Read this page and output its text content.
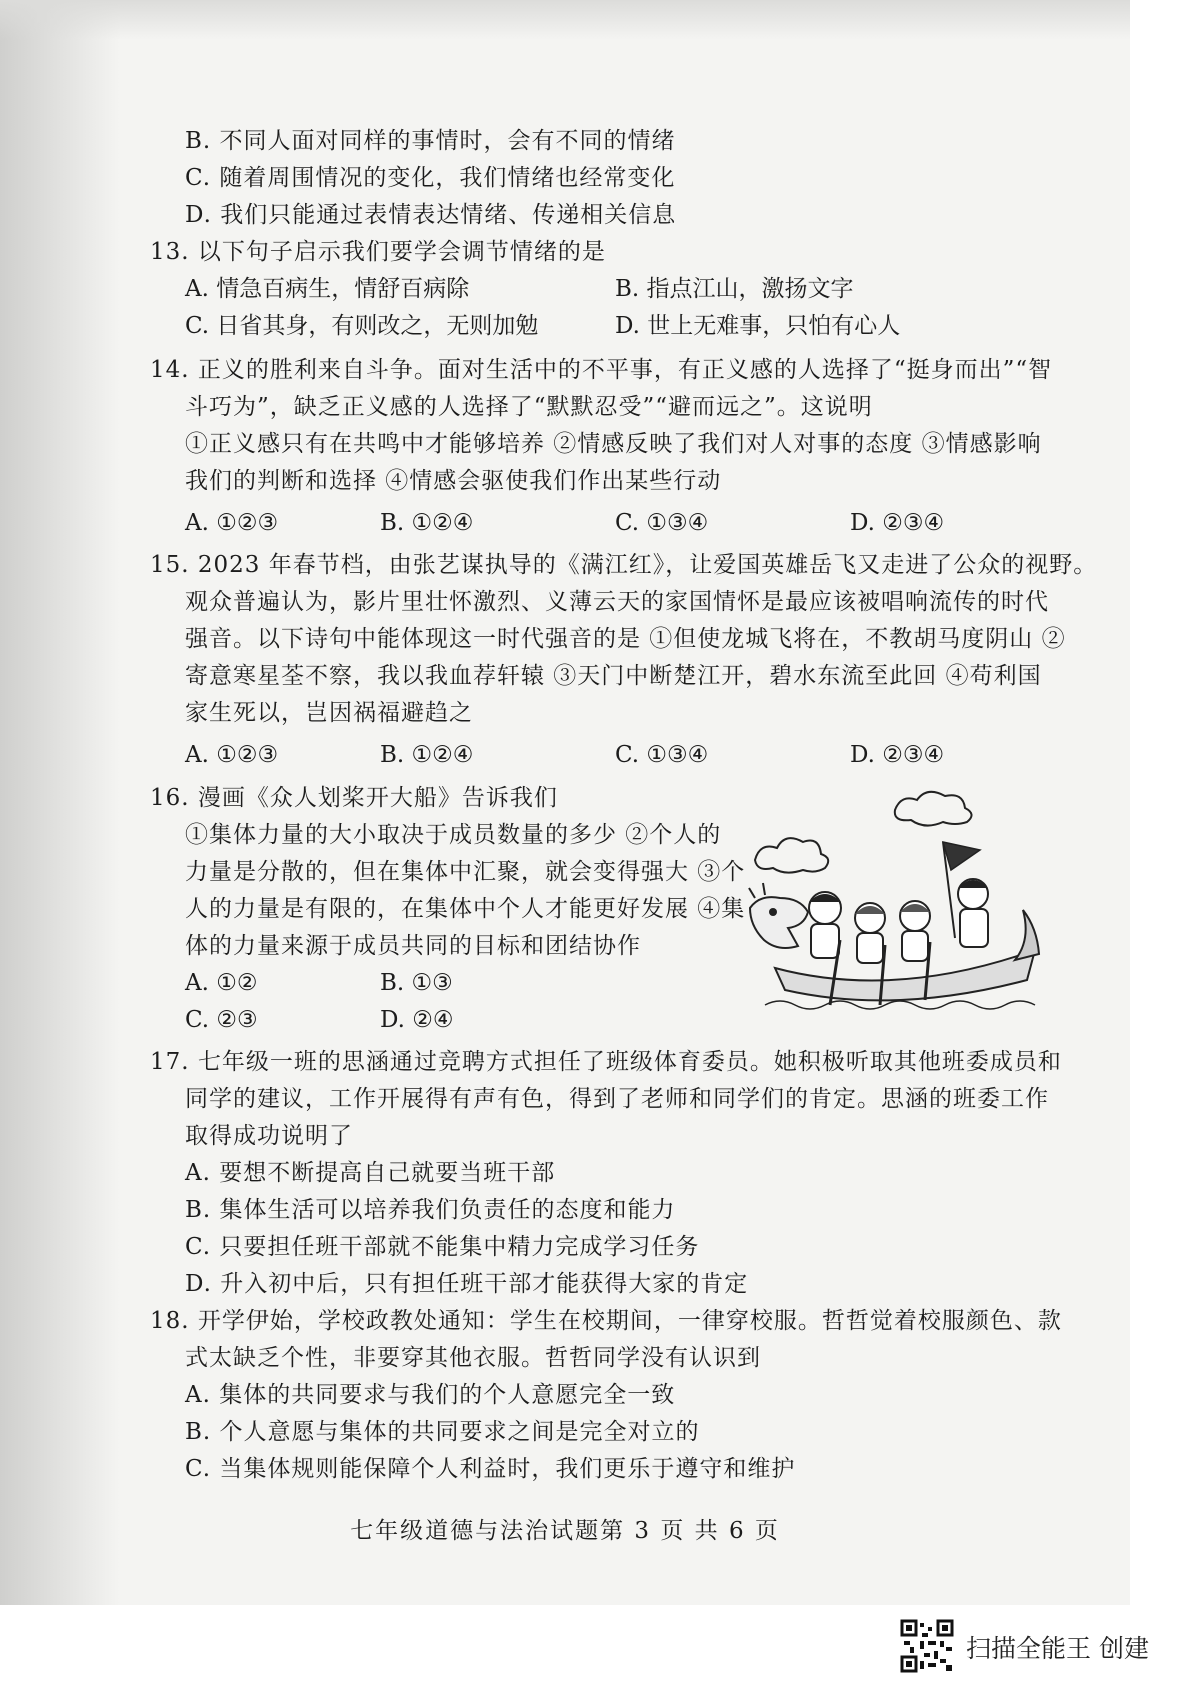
B. 不同人面对同样的事情时，会有不同的情绪
C. 随着周围情况的变化，我们情绪也经常变化
D. 我们只能通过表情表达情绪、传递相关信息
13. 以下句子启示我们要学会调节情绪的是
A. 情急百病生，情舒百病除	B. 指点江山，激扬文字
C. 日省其身，有则改之，无则加勉	D. 世上无难事，只怕有心人
14. 正义的胜利来自斗争。面对生活中的不平事，有正义感的人选择了“挺身而出”“智
斗巧为”，缺乏正义感的人选择了“默默忍受”“避而远之”。这说明
①正义感只有在共鸣中才能够培养 ②情感反映了我们对人对事的态度 ③情感影响
我们的判断和选择 ④情感会驱使我们作出某些行动
A. ①②③	B. ①②④	C. ①③④	D. ②③④
15. 2023 年春节档，由张艺谋执导的《满江红》，让爱国英雄岳飞又走进了公众的视野。
观众普遍认为，影片里壮怀激烈、义薄云天的家国情怀是最应该被唱响流传的时代
强音。以下诗句中能体现这一时代强音的是 ①但使龙城飞将在，不教胡马度阴山 ②
寄意寒星荃不察，我以我血荐轩辕 ③天门中断楚江开，碧水东流至此回 ④苟利国
家生死以，岂因祸福避趋之
A. ①②③	B. ①②④	C. ①③④	D. ②③④
16. 漫画《众人划桨开大船》告诉我们
①集体力量的大小取决于成员数量的多少 ②个人的
力量是分散的，但在集体中汇聚，就会变得强大 ③个
人的力量是有限的，在集体中个人才能更好发展 ④集
体的力量来源于成员共同的目标和团结协作
A. ①②	B. ①③
C. ②③	D. ②④
17. 七年级一班的思涵通过竞聘方式担任了班级体育委员。她积极听取其他班委成员和
同学的建议，工作开展得有声有色，得到了老师和同学们的肯定。思涵的班委工作
取得成功说明了
A. 要想不断提高自己就要当班干部
B. 集体生活可以培养我们负责任的态度和能力
C. 只要担任班干部就不能集中精力完成学习任务
D. 升入初中后，只有担任班干部才能获得大家的肯定
18. 开学伊始，学校政教处通知：学生在校期间，一律穿校服。哲哲觉着校服颜色、款
式太缺乏个性，非要穿其他衣服。哲哲同学没有认识到
A. 集体的共同要求与我们的个人意愿完全一致
B. 个人意愿与集体的共同要求之间是完全对立的
C. 当集体规则能保障个人利益时，我们更乐于遵守和维护
七年级道德与法治试题第 3 页 共 6 页
扫描全能王 创建
